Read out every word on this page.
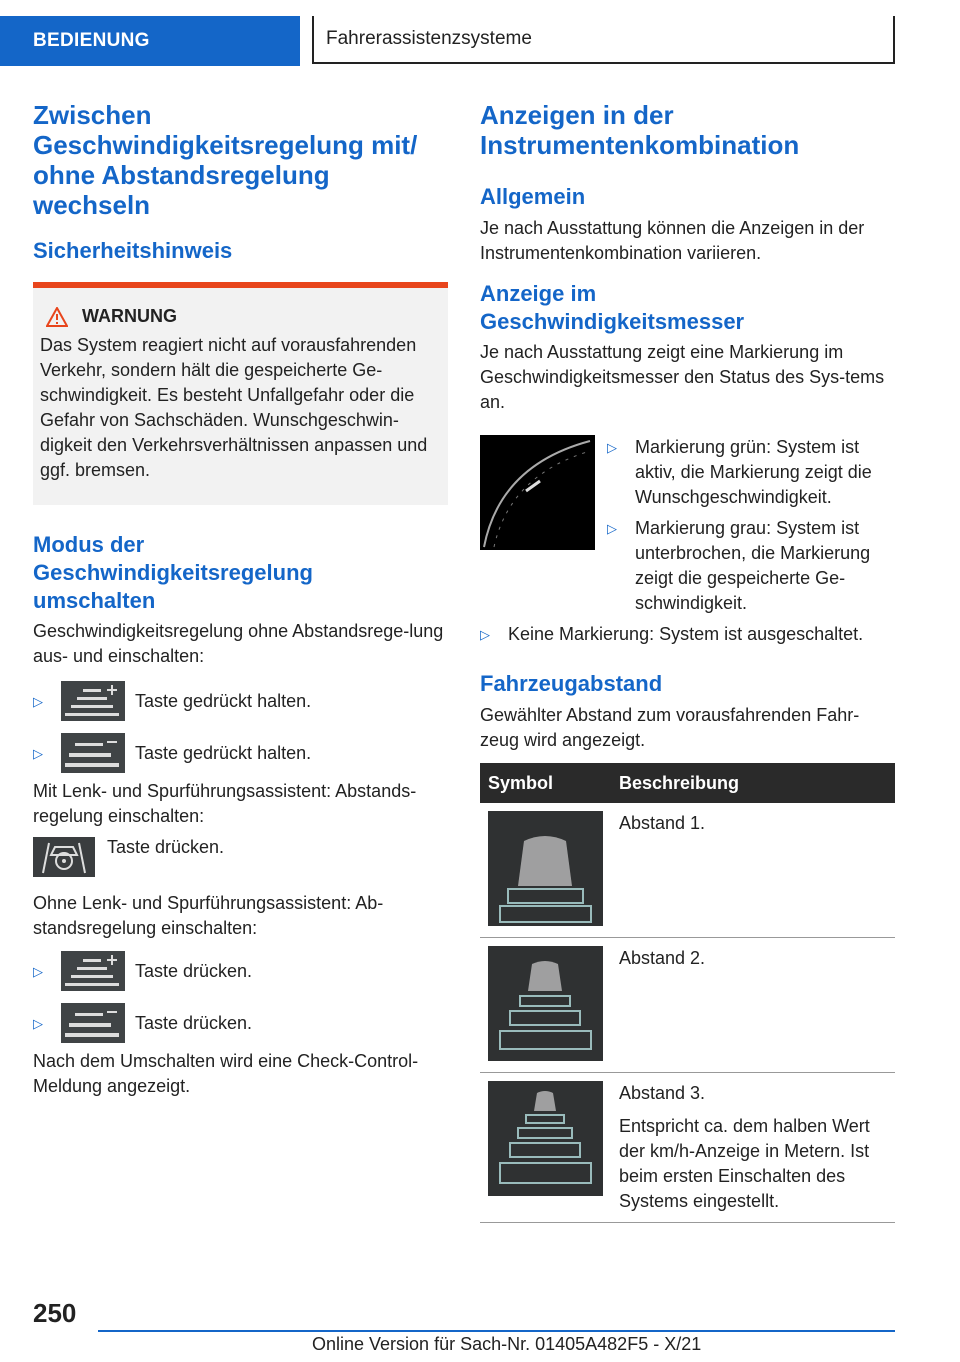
BEDIENUNG	Fahrerassistenzsysteme
Zwischen Geschwindigkeitsregelung mit/ ohne Abstandsregelung wechseln
Sicherheitshinweis
WARNUNG

Das System reagiert nicht auf vorausfahrenden Verkehr, sondern hält die gespeicherte Ge-schwindigkeit. Es besteht Unfallgefahr oder die Gefahr von Sachschäden. Wunschgeschwin-digkeit den Verkehrsverhältnissen anpassen und ggf. bremsen.

Modus der Geschwindigkeitsregelung umschalten

Geschwindigkeitsregelung ohne Abstandsrege-lung aus- und einschalten:

▷	Taste gedrückt halten.
▷	Taste gedrückt halten.

Mit Lenk- und Spurführungsassistent: Abstands-regelung einschalten:

Taste drücken.

Ohne Lenk- und Spurführungsassistent: Ab-standsregelung einschalten:

▷	Taste drücken.
▷	Taste drücken.

Nach dem Umschalten wird eine Check-Control-Meldung angezeigt.

Anzeigen in der Instrumentenkombination
Allgemein

Je nach Ausstattung können die Anzeigen in der Instrumentenkombination variieren.

Anzeige im Geschwindigkeitsmesser

Je nach Ausstattung zeigt eine Markierung im Geschwindigkeitsmesser den Status des Sys-tems an.

▷	Markierung grün: System ist aktiv, die Markierung zeigt die Wunschgeschwindigkeit.
▷	Markierung grau: System ist unterbrochen, die Markierung zeigt die gespeicherte Ge-schwindigkeit.
▷	Keine Markierung: System ist ausgeschaltet.
Fahrzeugabstand

Gewählter Abstand zum vorausfahrenden Fahr-zeug wird angezeigt.

Symbol	Beschreibung

	Abstand 1.

	Abstand 2.

Abstand 3.
Entspricht ca. dem halben Wert der km/h-Anzeige in Metern. Ist beim ersten Einschalten des Systems eingestellt.
250
Online Version für Sach-Nr. 01405A482F5 - X/21
